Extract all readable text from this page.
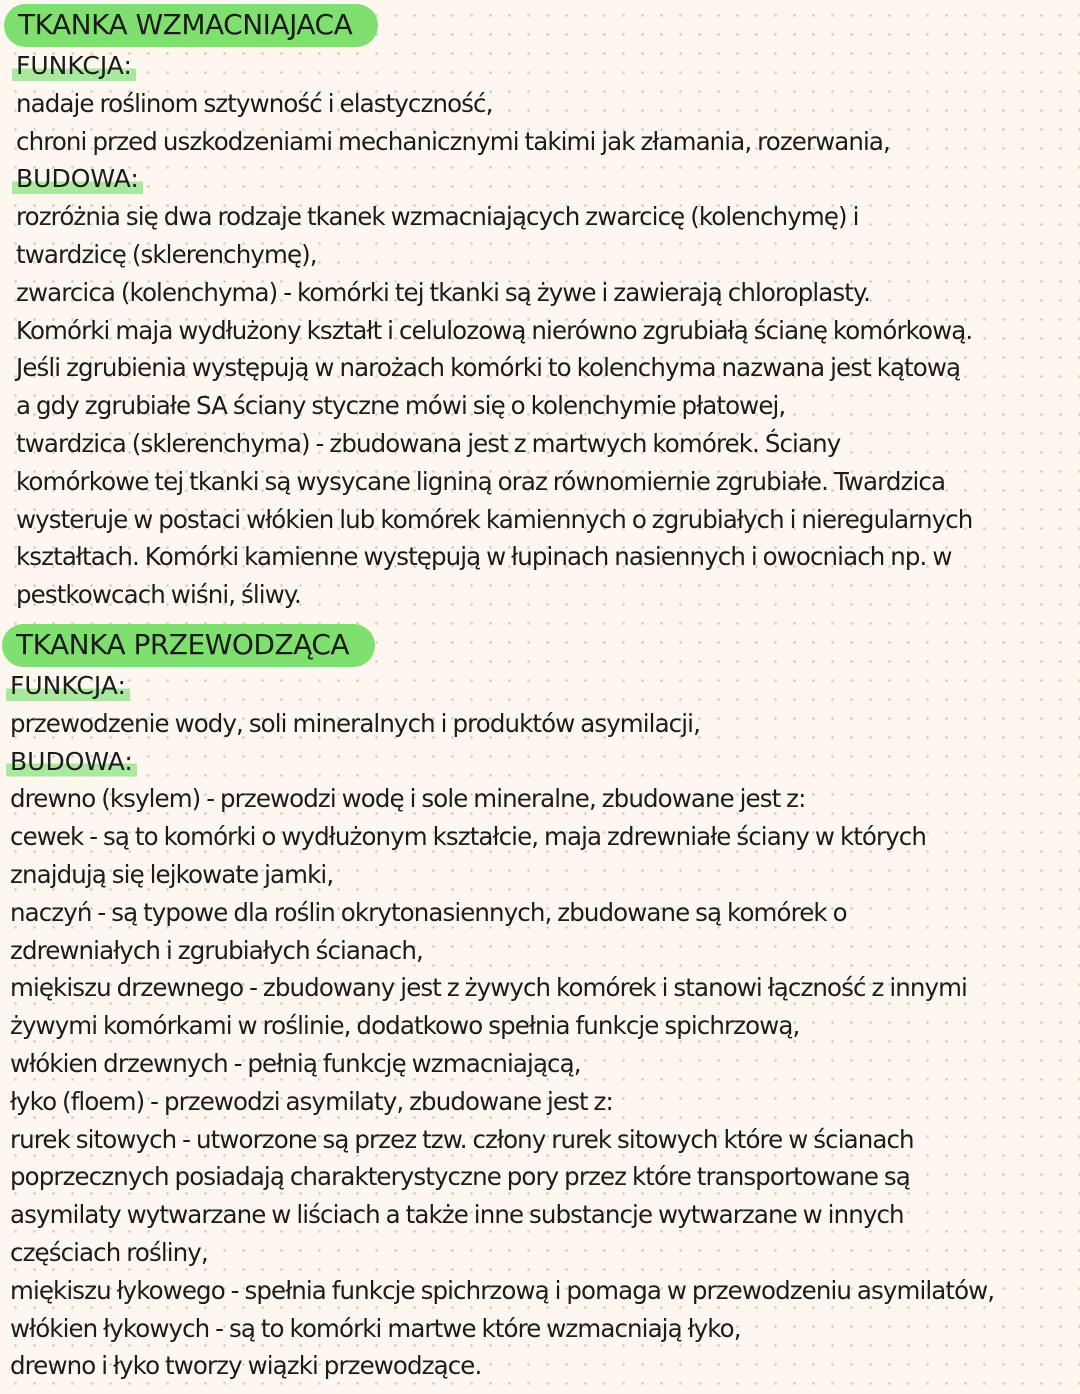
TKANKA WZMACNIAJACA
FUNKCJA:
nadaje roślinom sztywność i elastyczność,
chroni przed uszkodzeniami mechanicznymi takimi jak złamania, rozerwania,
BUDOWA:
rozróżnia się dwa rodzaje tkanek wzmacniających zwarcicę (kolenchymę) i
twardzicę (sklerenchymę),
zwarcica (kolenchyma) - komórki tej tkanki są żywe i zawierają chloroplasty.
Komórki maja wydłużony kształt i celulozową nierówno zgrubiałą ścianę komórkową.
Jeśli zgrubienia występują w narożach komórki to kolenchyma nazwana jest kątową
a gdy zgrubiałe SA ściany styczne mówi się o kolenchymie płatowej,
twardzica (sklerenchyma) - zbudowana jest z martwych komórek. Ściany
komórkowe tej tkanki są wysycane ligniną oraz równomiernie zgrubiałe. Twardzica
wysteruje w postaci włókien lub komórek kamiennych o zgrubiałych i nieregularnych
kształtach. Komórki kamienne występują w łupinach nasiennych i owocniach np. w
pestkowcach wiśni, śliwy.
TKANKA PRZEWODZĄCA
FUNKCJA:
przewodzenie wody, soli mineralnych i produktów asymilacji,
BUDOWA:
drewno (ksylem) - przewodzi wodę i sole mineralne, zbudowane jest z:
cewek - są to komórki o wydłużonym kształcie, maja zdrewniałe ściany w których
znajdują się lejkowate jamki,
naczyń - są typowe dla roślin okrytonasiennych, zbudowane są komórek o
zdrewniałych i zgrubiałych ścianach,
miękiszu drzewnego - zbudowany jest z żywych komórek i stanowi łączność z innymi
żywymi komórkami w roślinie, dodatkowo spełnia funkcje spichrzową,
włókien drzewnych - pełnią funkcję wzmacniającą,
łyko (floem) - przewodzi asymilaty, zbudowane jest z:
rurek sitowych - utworzone są przez tzw. człony rurek sitowych które w ścianach
poprzecznych posiadają charakterystyczne pory przez które transportowane są
asymilaty wytwarzane w liściach a także inne substancje wytwarzane w innych
częściach rośliny,
miękiszu łykowego - spełnia funkcje spichrzową i pomaga w przewodzeniu asymilatów,
włókien łykowych - są to komórki martwe które wzmacniają łyko,
drewno i łyko tworzy wiązki przewodzące.
